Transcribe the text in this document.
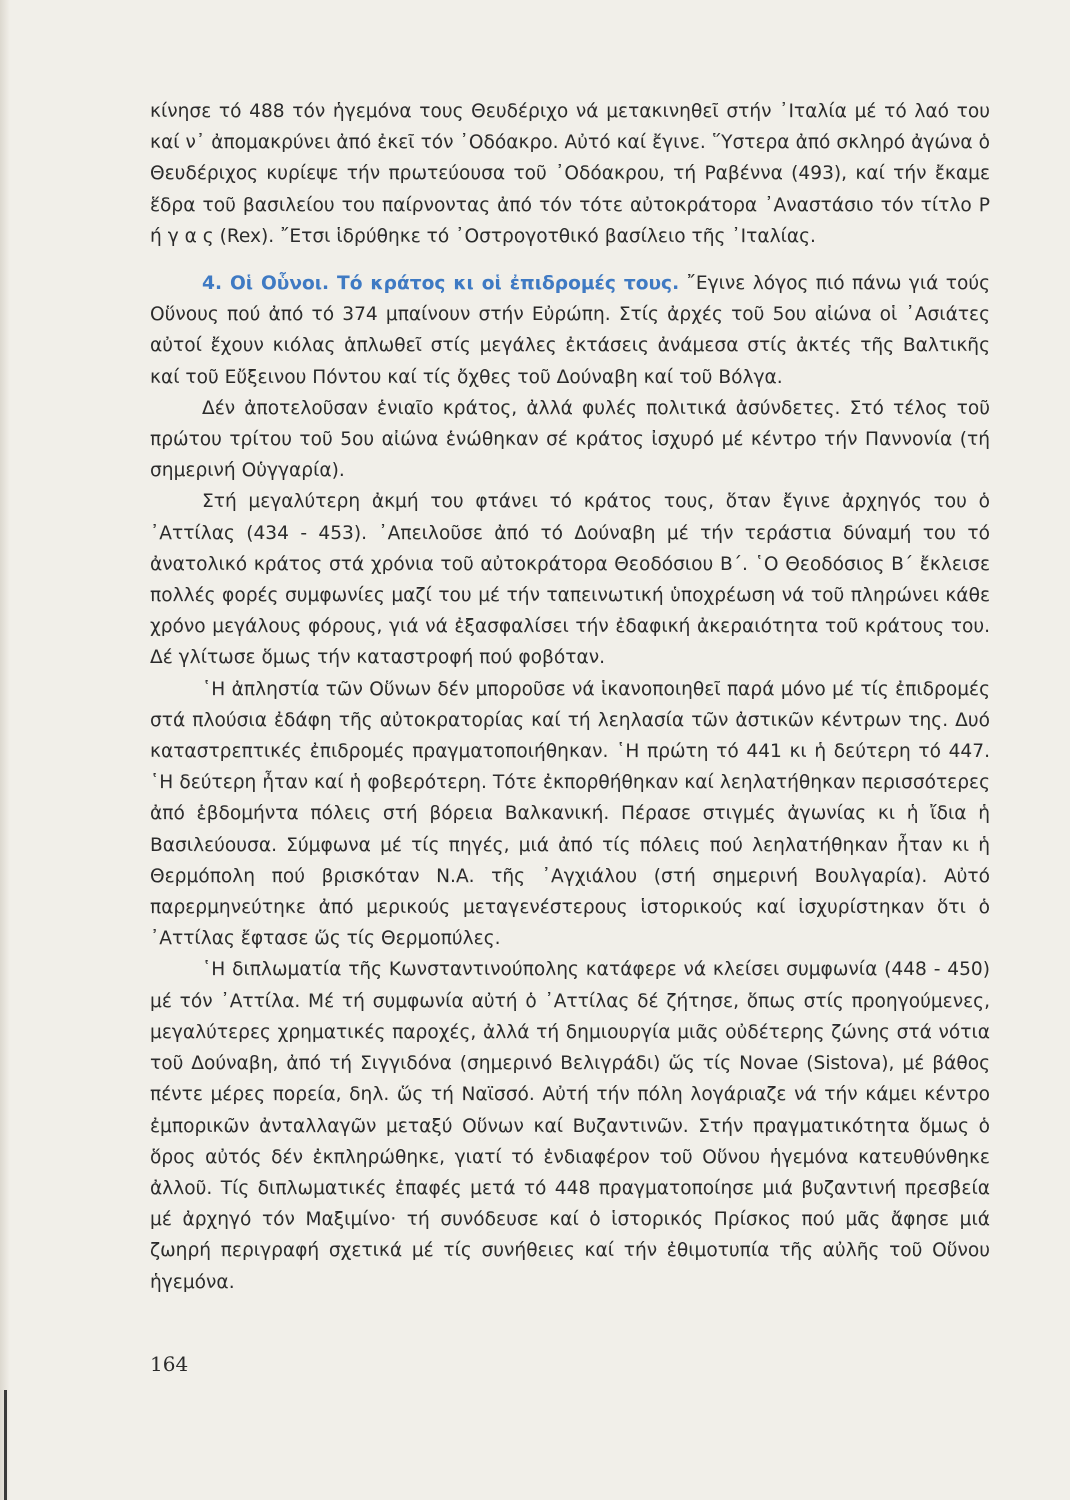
κίνησε τό 488 τόν ἡγεμόνα τους Θευδέριχο νά μετακινηθεῖ στήν ᾿Ιταλία μέ τό λαό του καί ν᾿ ἀπομακρύνει ἀπό ἐκεῖ τόν ᾿Οδόακρο. Αὐτό καί ἔγινε. ῞Υστερα ἀπό σκληρό ἀγώνα ὁ Θευδέριχος κυρίεψε τήν πρωτεύουσα τοῦ ᾿Οδόακρου, τή Ραβέννα (493), καί τήν ἔκαμε ἕδρα τοῦ βασιλείου του παίρνοντας ἀπό τόν τότε αὐτοκράτορα ᾿Αναστάσιο τόν τίτλο Ρ ή γ α ς (Rex). ῎Ετσι ἱδρύθηκε τό ᾿Οστρογοτθικό βασίλειο τῆς ᾿Ιταλίας.

4. Οἱ Οὗνοι. Τό κράτος κι οἱ ἐπιδρομές τους. ῎Εγινε λόγος πιό πάνω γιά τούς Οὕνους πού ἀπό τό 374 μπαίνουν στήν Εὐρώπη. Στίς ἀρχές τοῦ 5ου αἰώνα οἱ ᾿Ασιάτες αὐτοί ἔχουν κιόλας ἁπλωθεῖ στίς μεγάλες ἐκτάσεις ἀνάμεσα στίς ἀκτές τῆς Βαλτικῆς καί τοῦ Εὔξεινου Πόντου καί τίς ὄχθες τοῦ Δούναβη καί τοῦ Βόλγα.

Δέν ἀποτελοῦσαν ἑνιαῖο κράτος, ἀλλά φυλές πολιτικά ἀσύνδετες. Στό τέλος τοῦ πρώτου τρίτου τοῦ 5ου αἰώνα ἑνώθηκαν σέ κράτος ἰσχυρό μέ κέντρο τήν Παννονία (τή σημερινή Οὑγγαρία).

Στή μεγαλύτερη ἀκμή του φτάνει τό κράτος τους, ὅταν ἔγινε ἀρχηγός του ὁ ᾿Αττίλας (434 - 453). ᾿Απειλοῦσε ἀπό τό Δούναβη μέ τήν τεράστια δύναμή του τό ἀνατολικό κράτος στά χρόνια τοῦ αὐτοκράτορα Θεοδόσιου Β΄. ῾Ο Θεοδόσιος Β΄ ἔκλεισε πολλές φορές συμφωνίες μαζί του μέ τήν ταπεινωτική ὑποχρέωση νά τοῦ πληρώνει κάθε χρόνο μεγάλους φόρους, γιά νά ἐξασφαλίσει τήν ἐδαφική ἀκεραιότητα τοῦ κράτους του. Δέ γλίτωσε ὅμως τήν καταστροφή πού φοβόταν.

῾Η ἀπληστία τῶν Οὕνων δέν μποροῦσε νά ἱκανοποιηθεῖ παρά μόνο μέ τίς ἐπιδρομές στά πλούσια ἐδάφη τῆς αὐτοκρατορίας καί τή λεηλασία τῶν ἀστικῶν κέντρων της. Δυό καταστρεπτικές ἐπιδρομές πραγματοποιήθηκαν. ῾Η πρώτη τό 441 κι ἡ δεύτερη τό 447. ῾Η δεύτερη ἦταν καί ἡ φοβερότερη. Τότε ἐκπορθήθηκαν καί λεηλατήθηκαν περισσότερες ἀπό ἑβδομήντα πόλεις στή βόρεια Βαλκανική. Πέρασε στιγμές ἀγωνίας κι ἡ ἴδια ἡ Βασιλεύουσα. Σύμφωνα μέ τίς πηγές, μιά ἀπό τίς πόλεις πού λεηλατήθηκαν ἦταν κι ἡ Θερμόπολη πού βρισκόταν Ν.Α. τῆς ᾿Αγχιάλου (στή σημερινή Βουλγαρία). Αὐτό παρερμηνεύτηκε ἀπό μερικούς μεταγενέστερους ἱστορικούς καί ἰσχυρίστηκαν ὅτι ὁ ᾿Αττίλας ἔφτασε ὥς τίς Θερμοπύλες.

῾Η διπλωματία τῆς Κωνσταντινούπολης κατάφερε νά κλείσει συμφωνία (448 - 450) μέ τόν ᾿Αττίλα. Μέ τή συμφωνία αὐτή ὁ ᾿Αττίλας δέ ζήτησε, ὅπως στίς προηγούμενες, μεγαλύτερες χρηματικές παροχές, ἀλλά τή δημιουργία μιᾶς οὐδέτερης ζώνης στά νότια τοῦ Δούναβη, ἀπό τή Σιγγιδόνα (σημερινό Βελιγράδι) ὥς τίς Novae (Sistova), μέ βάθος πέντε μέρες πορεία, δηλ. ὥς τή Ναϊσσό. Αὐτή τήν πόλη λογάριαζε νά τήν κάμει κέντρο ἐμπορικῶν ἀνταλλαγῶν μεταξύ Οὕνων καί Βυζαντινῶν. Στήν πραγματικότητα ὅμως ὁ ὅρος αὐτός δέν ἐκπληρώθηκε, γιατί τό ἐνδιαφέρον τοῦ Οὕνου ἡγεμόνα κατευθύνθηκε ἀλλοῦ. Τίς διπλωματικές ἐπαφές μετά τό 448 πραγματοποίησε μιά βυζαντινή πρεσβεία μέ ἀρχηγό τόν Μαξιμίνο· τή συνόδευσε καί ὁ ἱστορικός Πρίσκος πού μᾶς ἄφησε μιά ζωηρή περιγραφή σχετικά μέ τίς συνήθειες καί τήν ἐθιμοτυπία τῆς αὐλῆς τοῦ Οὕνου ἡγεμόνα.

164
